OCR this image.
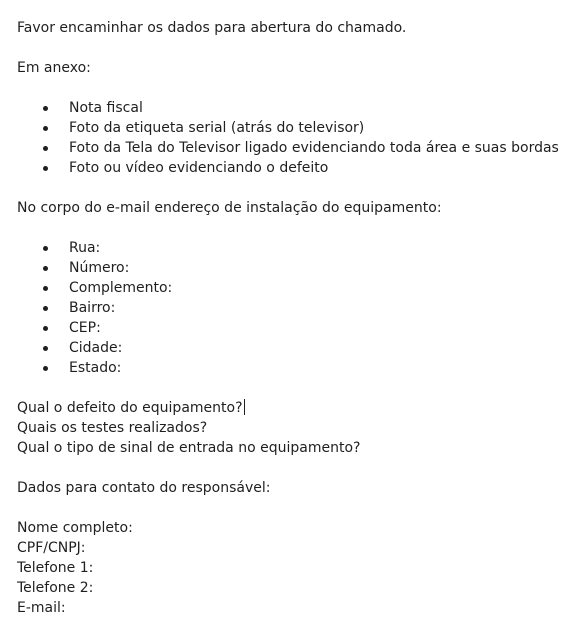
Favor encaminhar os dados para abertura do chamado.
Em anexo:
Nota fiscal
Foto da etiqueta serial (atrás do televisor)
Foto da Tela do Televisor ligado evidenciando toda área e suas bordas
Foto ou vídeo evidenciando o defeito
No corpo do e-mail endereço de instalação do equipamento:
Rua:
Número:
Complemento:
Bairro:
CEP:
Cidade:
Estado:
Qual o defeito do equipamento?
Quais os testes realizados?
Qual o tipo de sinal de entrada no equipamento?
Dados para contato do responsável:
Nome completo:
CPF/CNPJ:
Telefone 1:
Telefone 2:
E-mail:
